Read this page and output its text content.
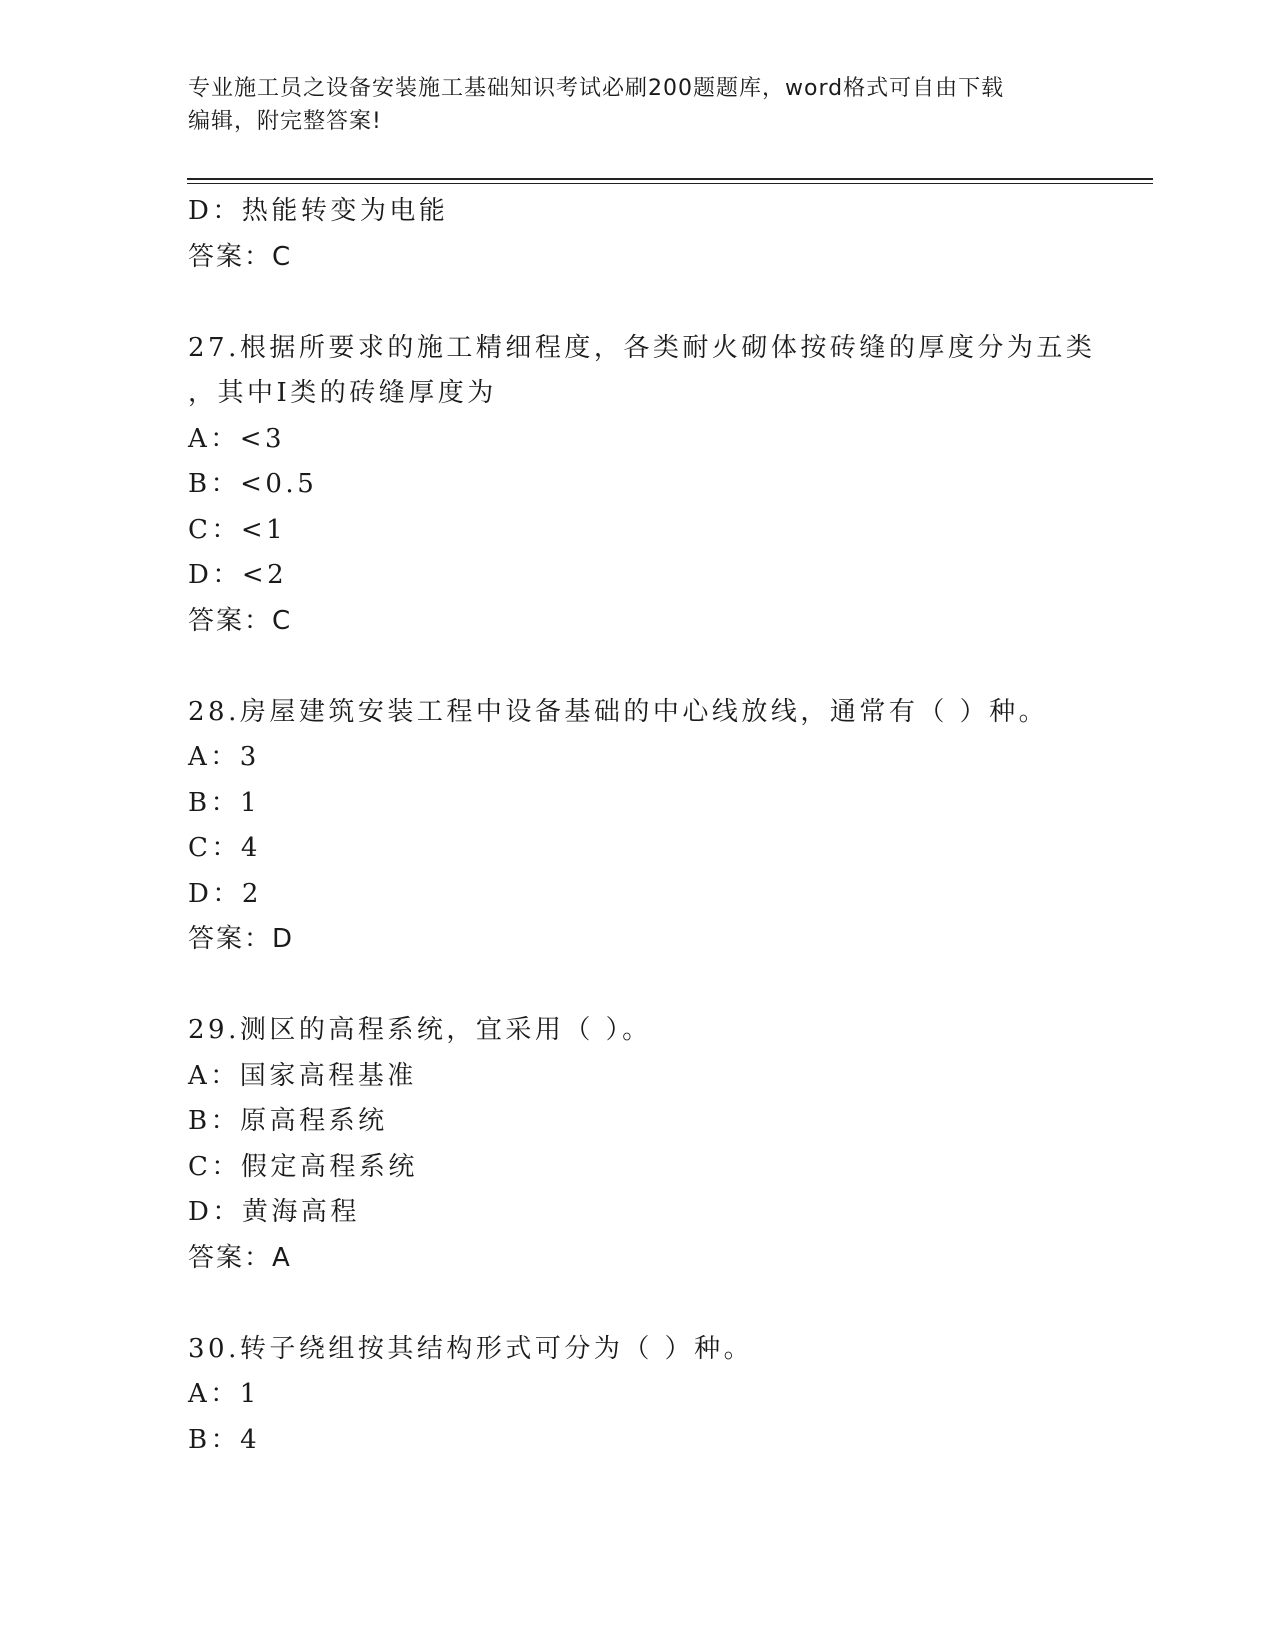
专业施工员之设备安装施工基础知识考试必刷200题题库，word格式可自由下载
编辑，附完整答案!
D：热能转变为电能
答案：C
27.根据所要求的施工精细程度，各类耐火砌体按砖缝的厚度分为五类
，其中Ⅰ类的砖缝厚度为
A：<3
B：<0.5
C：<1
D：<2
答案：C
28.房屋建筑安装工程中设备基础的中心线放线，通常有（ ）种。
A：3
B：1
C：4
D：2
答案：D
29.测区的高程系统，宜采用（ ）。
A：国家高程基准
B：原高程系统
C：假定高程系统
D：黄海高程
答案：A
30.转子绕组按其结构形式可分为（ ）种。
A：1
B：4
